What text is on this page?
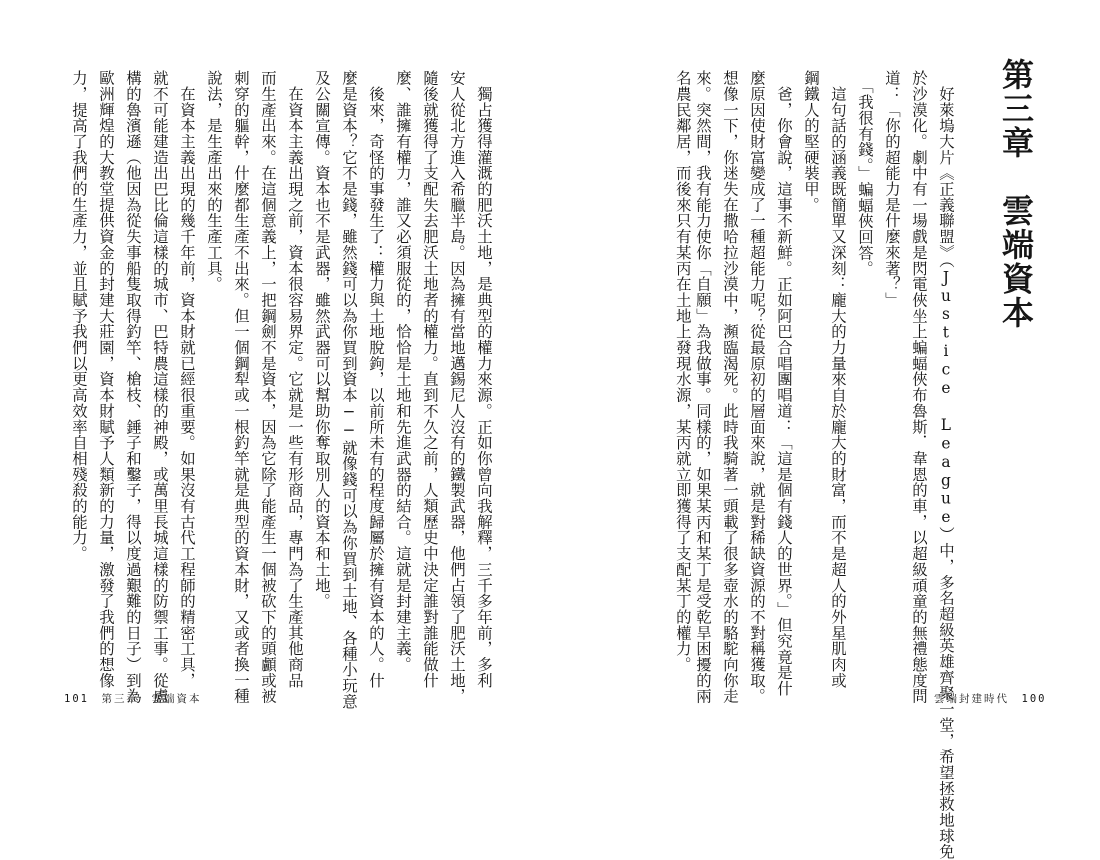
第三章　雲端資本

名農民鄰居，而後來只有某丙在土地上發現水源，某丙就立即獲得了支配某丁的權力。	　好萊塢大片《正義聯盟》（Justice League）中，多名超級英雄齊聚一堂，希望拯救地球免

於沙漠化。劇中有一場戲是閃電俠坐上蝙蝠俠布魯斯．韋恩的車，以超級頑童的無禮態度問

道：「你的超能力是什麼來著？」

　「我很有錢。」蝙蝠俠回答。

　這句話的涵義既簡單又深刻：龐大的力量來自於龐大的財富，而不是超人的外星肌肉或

鋼鐵人的堅硬裝甲。

　爸，你會說，這事不新鮮。正如阿巴合唱團唱道：「這是個有錢人的世界。」但究竟是什

麼原因使財富變成了一種超能力呢？從最原初的層面來說，就是對稀缺資源的不對稱獲取。

想像一下，你迷失在撒哈拉沙漠中，瀕臨渴死。此時我騎著一頭載了很多壺水的駱駝向你走

來。突然間，我有能力使你「自願」為我做事。同樣的，如果某丙和某丁是受乾旱困擾的兩

　獨占獲得灌溉的肥沃土地，是典型的權力來源。正如你曾向我解釋，三千多年前，多利

安人從北方進入希臘半島。因為擁有當地邁錫尼人沒有的鐵製武器，他們占領了肥沃土地，

隨後就獲得了支配失去肥沃土地者的權力。直到不久之前，人類歷史中決定誰對誰能做什

麼、誰擁有權力，誰又必須服從的，恰恰是土地和先進武器的結合。這就是封建主義。

　後來，奇怪的事發生了：權力與土地脫鉤，以前所未有的程度歸屬於擁有資本的人。什

麼是資本？它不是錢，雖然錢可以為你買到資本──就像錢可以為你買到土地、各種小玩意

及公關宣傳。資本也不是武器，雖然武器可以幫助你奪取別人的資本和土地。

　在資本主義出現之前，資本很容易界定。它就是一些有形商品，專門為了生產其他商品

而生產出來。在這個意義上，一把鋼劍不是資本，因為它除了能產生一個被砍下的頭顱或被

刺穿的軀幹，什麼都生產不出來。但一個鋼犁或一根釣竿就是典型的資本財，又或者換一種

說法，是生產出來的生產工具。

　在資本主義出現的幾千年前，資本財就已經很重要。如果沒有古代工程師的精密工具，

就不可能建造出巴比倫這樣的城市、巴特農這樣的神殿，或萬里長城這樣的防禦工事。從盧

構的魯濱遜（他因為從失事船隻取得釣竿、槍枝、錘子和鑿子，得以度過艱難的日子）到為

歐洲輝煌的大教堂提供資金的封建大莊園，資本財賦予人類新的力量，激發了我們的想像

力，提高了我們的生產力，並且賦予我們以更高效率自相殘殺的能力。

101　第三章　雲端資本	雲端封建時代　100
